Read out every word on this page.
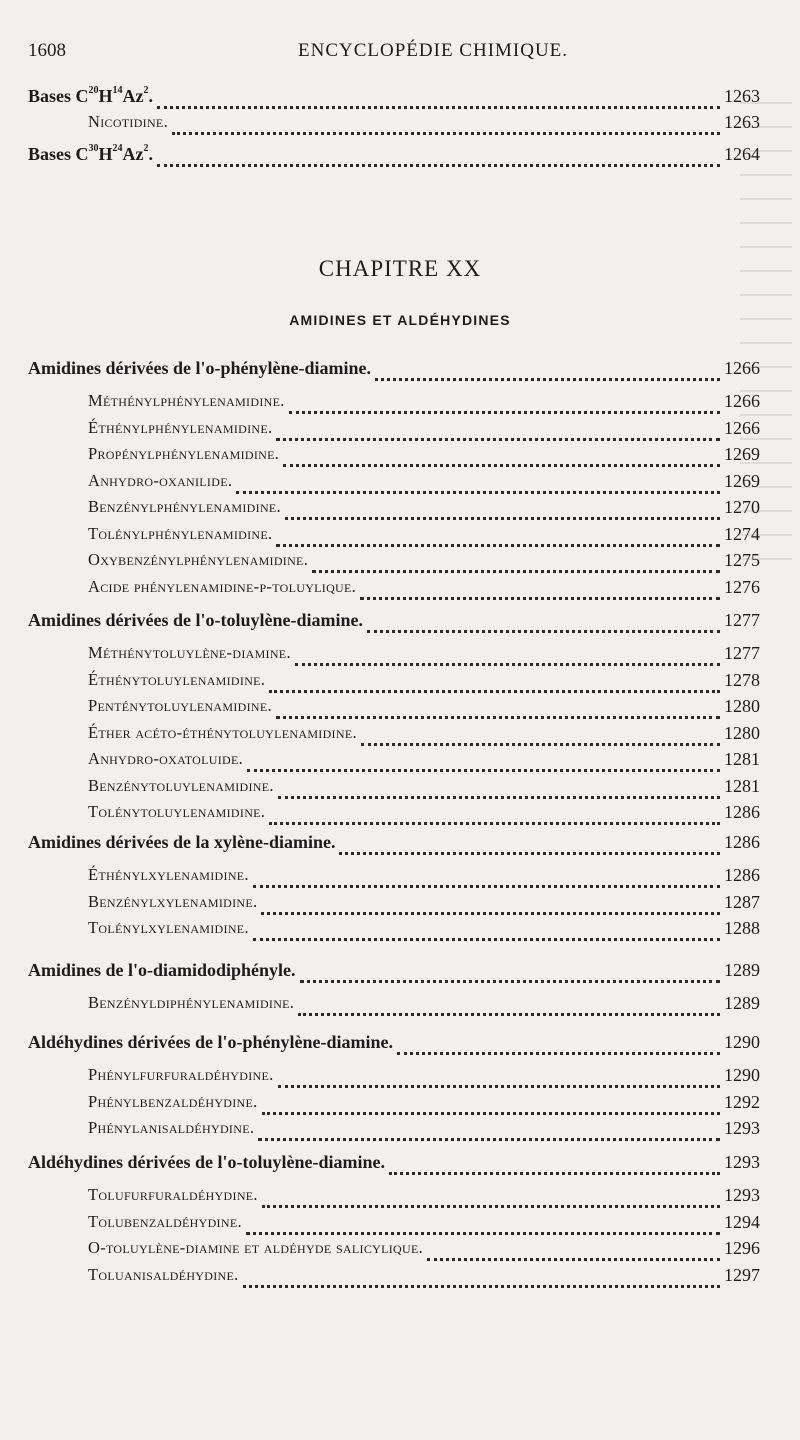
1608	ENCYCLOPÉDIE CHIMIQUE.
CHAPITRE XX
AMIDINES ET ALDÉHYDINES
Bases $C^{20}H^{14}Az^2$.	1263
Nicotidine.	1263
Bases $C^{30}H^{24}Az^2$.	1264
Amidines dérivées de l'o-phénylène-diamine.	1266
Méthénylphénylenamidine.	1266
Éthénylphénylenamidine.	1266
Propénylphénylenamidine.	1269
Anhydro-oxanilide.	1269
Benzénylphénylenamidine.	1270
Tolénylphénylenamidine.	1274
Oxybenzénylphénylenamidine.	1275
Acide phénylenamidine-p-toluylique.	1276
Amidines dérivées de l'o-toluylène-diamine.	1277
Méthénytoluylène-diamine.	1277
Éthénytoluylenamidine.	1278
Penténytoluylenamidine.	1280
Éther acéto-éthénytoluylenamidine.	1280
Anhydro-oxatoluide.	1281
Benzénytoluylenamidine.	1281
Tolénytoluylenamidine.	1286
Amidines dérivées de la xylène-diamine.	1286
Éthénylxylenamidine.	1286
Benzénylxylenamidine.	1287
Tolénylxylenamidine.	1288
Amidines de l'o-diamidodiphényle.	1289
Benzényldiphénylenamidine.	1289
Aldéhydines dérivées de l'o-phénylène-diamine.	1290
Phénylfurfuraldéhydine.	1290
Phénylbenzaldéhydine.	1292
Phénylanisaldéhydine.	1293
Aldéhydines dérivées de l'o-toluylène-diamine.	1293
Tolufurfuraldéhydine.	1293
Tolubenzaldéhydine.	1294
O-toluylène-diamine et aldéhyde salicylique.	1296
Toluanisaldéhydine.	1297
